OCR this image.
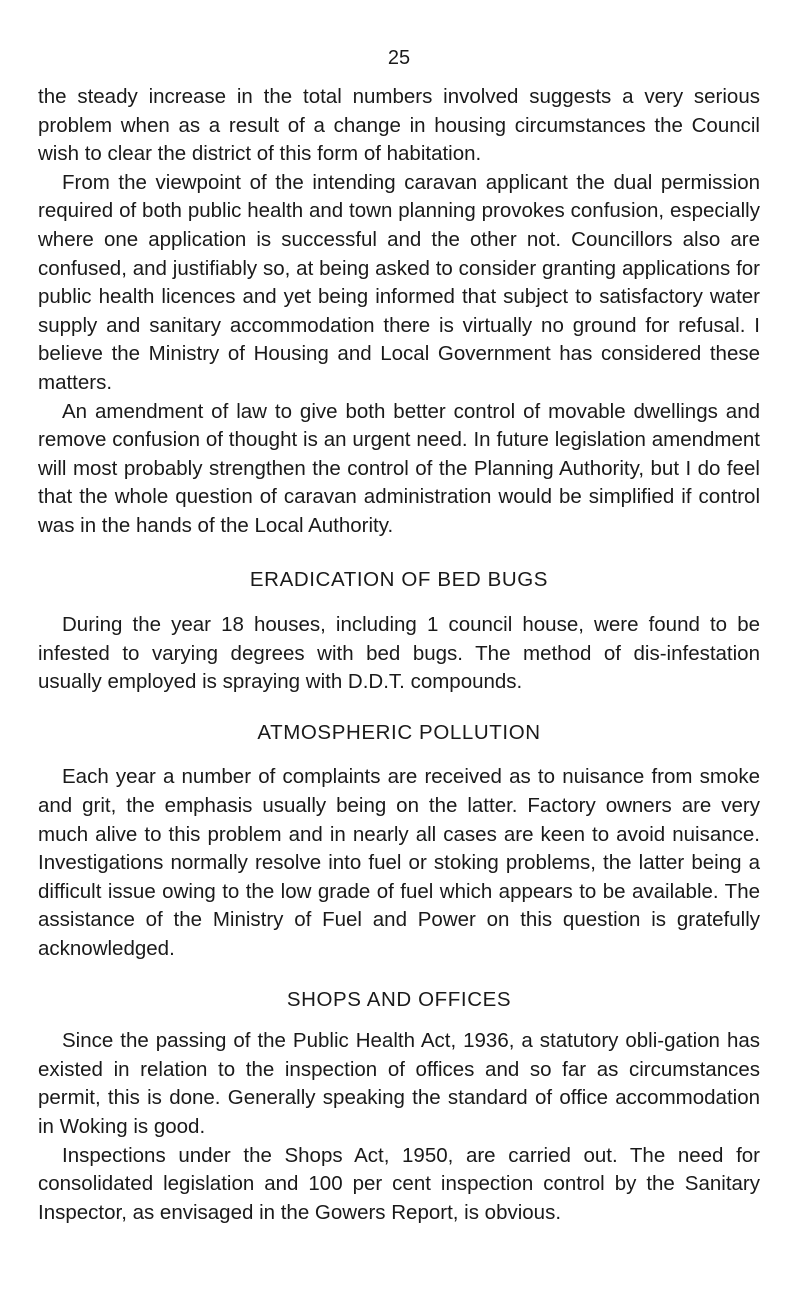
25

the steady increase in the total numbers involved suggests a very serious problem when as a result of a change in housing circumstances the Council wish to clear the district of this form of habitation.

From the viewpoint of the intending caravan applicant the dual permission required of both public health and town planning provokes confusion, especially where one application is successful and the other not. Councillors also are confused, and justifiably so, at being asked to consider granting applications for public health licences and yet being informed that subject to satisfactory water supply and sanitary accommodation there is virtually no ground for refusal. I believe the Ministry of Housing and Local Government has considered these matters.

An amendment of law to give both better control of movable dwellings and remove confusion of thought is an urgent need. In future legislation amendment will most probably strengthen the control of the Planning Authority, but I do feel that the whole question of caravan administration would be simplified if control was in the hands of the Local Authority.

ERADICATION OF BED BUGS

During the year 18 houses, including 1 council house, were found to be infested to varying degrees with bed bugs. The method of dis-infestation usually employed is spraying with D.D.T. compounds.

ATMOSPHERIC POLLUTION

Each year a number of complaints are received as to nuisance from smoke and grit, the emphasis usually being on the latter. Factory owners are very much alive to this problem and in nearly all cases are keen to avoid nuisance. Investigations normally resolve into fuel or stoking problems, the latter being a difficult issue owing to the low grade of fuel which appears to be available. The assistance of the Ministry of Fuel and Power on this question is gratefully acknowledged.

SHOPS AND OFFICES

Since the passing of the Public Health Act, 1936, a statutory obli-gation has existed in relation to the inspection of offices and so far as circumstances permit, this is done. Generally speaking the standard of office accommodation in Woking is good.

Inspections under the Shops Act, 1950, are carried out. The need for consolidated legislation and 100 per cent inspection control by the Sanitary Inspector, as envisaged in the Gowers Report, is obvious.
